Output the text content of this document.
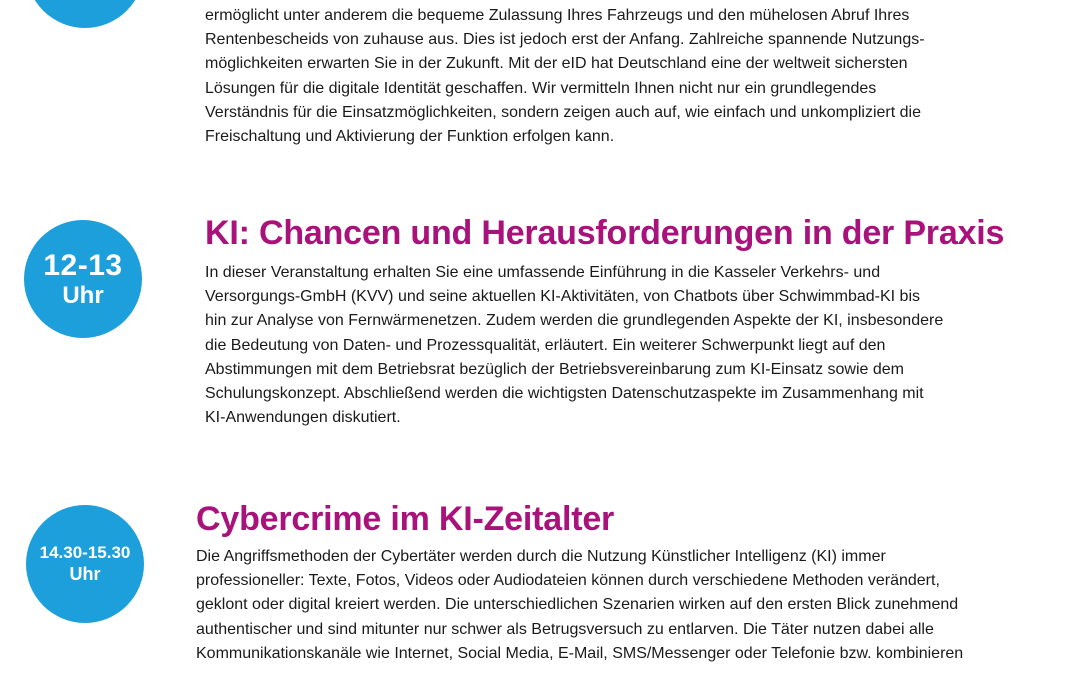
ermöglicht unter anderem die bequeme Zulassung Ihres Fahrzeugs und den mühelosen Abruf Ihres
Rentenbescheids von zuhause aus. Dies ist jedoch erst der Anfang. Zahlreiche spannende Nutzungs-
möglichkeiten erwarten Sie in der Zukunft. Mit der eID hat Deutschland eine der weltweit sichersten
Lösungen für die digitale Identität geschaffen. Wir vermitteln Ihnen nicht nur ein grundlegendes
Verständnis für die Einsatzmöglichkeiten, sondern zeigen auch auf, wie einfach und unkompliziert die
Freischaltung und Aktivierung der Funktion erfolgen kann.
12-13
Uhr
KI: Chancen und Herausforderungen in der Praxis
In dieser Veranstaltung erhalten Sie eine umfassende Einführung in die Kasseler Verkehrs- und
Versorgungs-GmbH (KVV) und seine aktuellen KI-Aktivitäten, von Chatbots über Schwimmbad-KI bis
hin zur Analyse von Fernwärmenetzen. Zudem werden die grundlegenden Aspekte der KI, insbesondere
die Bedeutung von Daten- und Prozessqualität, erläutert. Ein weiterer Schwerpunkt liegt auf den
Abstimmungen mit dem Betriebsrat bezüglich der Betriebsvereinbarung zum KI-Einsatz sowie dem
Schulungskonzept. Abschließend werden die wichtigsten Datenschutzaspekte im Zusammenhang mit
KI-Anwendungen diskutiert.
14.30-15.30
Uhr
Cybercrime im KI-Zeitalter
Die Angriffsmethoden der Cybertäter werden durch die Nutzung Künstlicher Intelligenz (KI) immer
professioneller: Texte, Fotos, Videos oder Audiodateien können durch verschiedene Methoden verändert,
geklont oder digital kreiert werden. Die unterschiedlichen Szenarien wirken auf den ersten Blick zunehmend
authentischer und sind mitunter nur schwer als Betrugsversuch zu entlarven. Die Täter nutzen dabei alle
Kommunikationskanäle wie Internet, Social Media, E-Mail, SMS/Messenger oder Telefonie bzw. kombinieren
